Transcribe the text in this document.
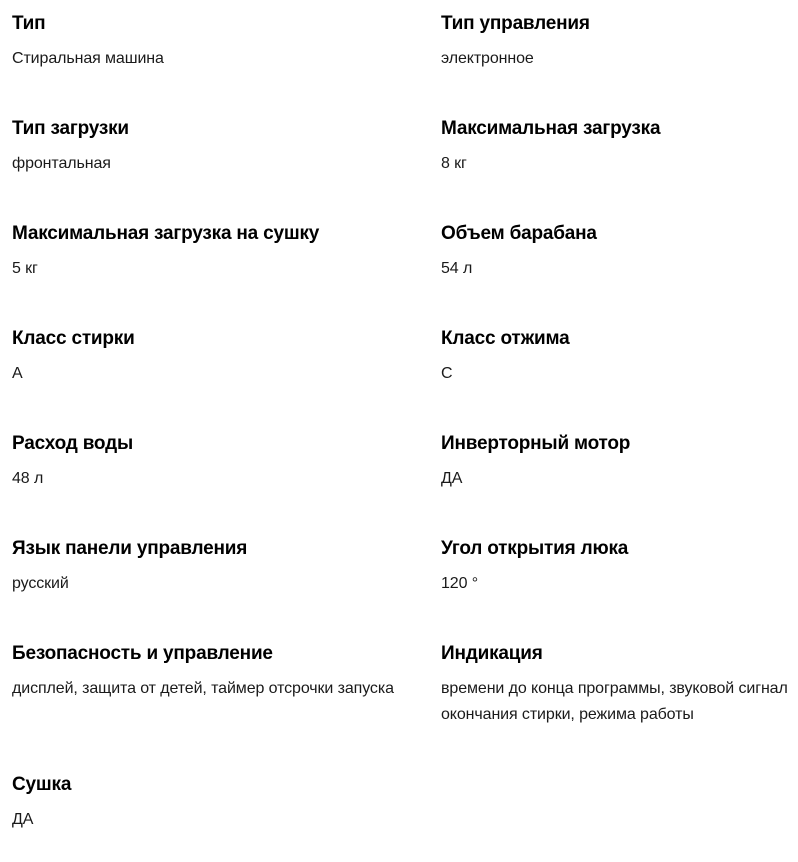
Тип

Стиральная машина

Тип управления

электронное

Тип загрузки

фронтальная

Максимальная загрузка

8 кг

Максимальная загрузка на сушку

5 кг

Объем барабана

54 л

Класс стирки

A

Класс отжима

C

Расход воды

48 л

Инверторный мотор

ДА

Язык панели управления

русский

Угол открытия люка

120 °

Безопасность и управление

дисплей, защита от детей, таймер отсрочки запуска

Индикация

времени до конца программы, звуковой сигнал окончания стирки, режима работы

Сушка

ДА
